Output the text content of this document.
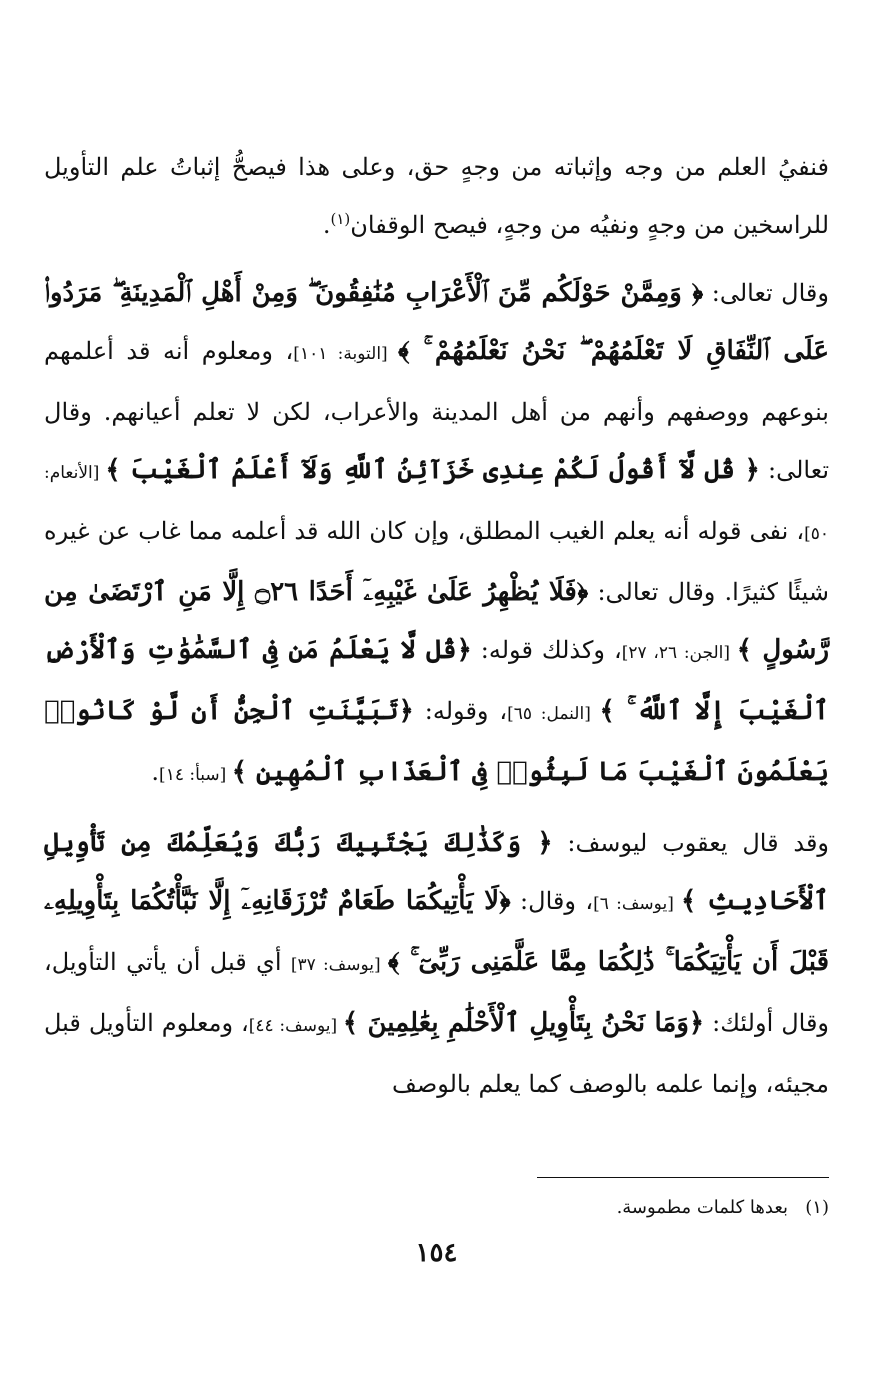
فنفيُ العلم من وجه وإثباته من وجهٍ حق، وعلى هذا فيصحُّ إثباتُ علم التأويل للراسخين من وجهٍ ونفيُه من وجهٍ، فيصح الوقفان$^{(١)}$.

وقال تعالى: ﴿ وَمِمَّنْ حَوْلَكُم مِّنَ ٱلْأَعْرَابِ مُنَٰفِقُونَ ۖ وَمِنْ أَهْلِ ٱلْمَدِينَةِ ۖ مَرَدُوا۟ عَلَى ٱلنِّفَاقِ لَا تَعْلَمُهُمْ ۖ نَحْنُ نَعْلَمُهُمْ ۚ ﴾ [التوبة: ١٠١]، ومعلوم أنه قد أعلمهم بنوعهم ووصفهم وأنهم من أهل المدينة والأعراب، لكن لا تعلم أعيانهم. وقال تعالى: ﴿ قُل لَّآ أَقُولُ لَكُمْ عِندِى خَزَآئِنُ ٱللَّهِ وَلَآ أَعْلَمُ ٱلْغَيْبَ ﴾ [الأنعام: ٥٠]، نفى قوله أنه يعلم الغيب المطلق، وإن كان الله قد أعلمه مما غاب عن غيره شيئًا كثيرًا. وقال تعالى: ﴿فَلَا يُظْهِرُ عَلَىٰ غَيْبِهِۦٓ أَحَدًا ۝٢٦ إِلَّا مَنِ ٱرْتَضَىٰ مِن رَّسُولٍ ﴾ [الجن: ٢٦، ٢٧]، وكذلك قوله: ﴿قُل لَّا يَعْلَمُ مَن فِى ٱلسَّمَٰوَٰتِ وَٱلْأَرْضِ ٱلْغَيْبَ إِلَّا ٱللَّهُ ۚ ﴾ [النمل: ٦٥]، وقوله: ﴿تَبَيَّنَتِ ٱلْجِنُّ أَن لَّوْ كَانُوا۟ يَعْلَمُونَ ٱلْغَيْبَ مَا لَبِثُوا۟ فِى ٱلْعَذَابِ ٱلْمُهِينِ ﴾ [سبأ: ١٤].

وقد قال يعقوب ليوسف: ﴿ وَكَذَٰلِكَ يَجْتَبِيكَ رَبُّكَ وَيُعَلِّمُكَ مِن تَأْوِيلِ ٱلْأَحَادِيثِ ﴾ [يوسف: ٦]، وقال: ﴿لَا يَأْتِيكُمَا طَعَامٌ تُرْزَقَانِهِۦٓ إِلَّا نَبَّأْتُكُمَا بِتَأْوِيلِهِۦ قَبْلَ أَن يَأْتِيَكُمَا ۚ ذَٰلِكُمَا مِمَّا عَلَّمَنِى رَبِّىٓ ۚ ﴾ [يوسف: ٣٧] أي قبل أن يأتي التأويل، وقال أولئك: ﴿وَمَا نَحْنُ بِتَأْوِيلِ ٱلْأَحْلَٰمِ بِعَٰلِمِينَ ﴾ [يوسف: ٤٤]، ومعلوم التأويل قبل مجيئه، وإنما علمه بالوصف كما يعلم بالوصف

(١)   بعدها كلمات مطموسة.

١٥٤
